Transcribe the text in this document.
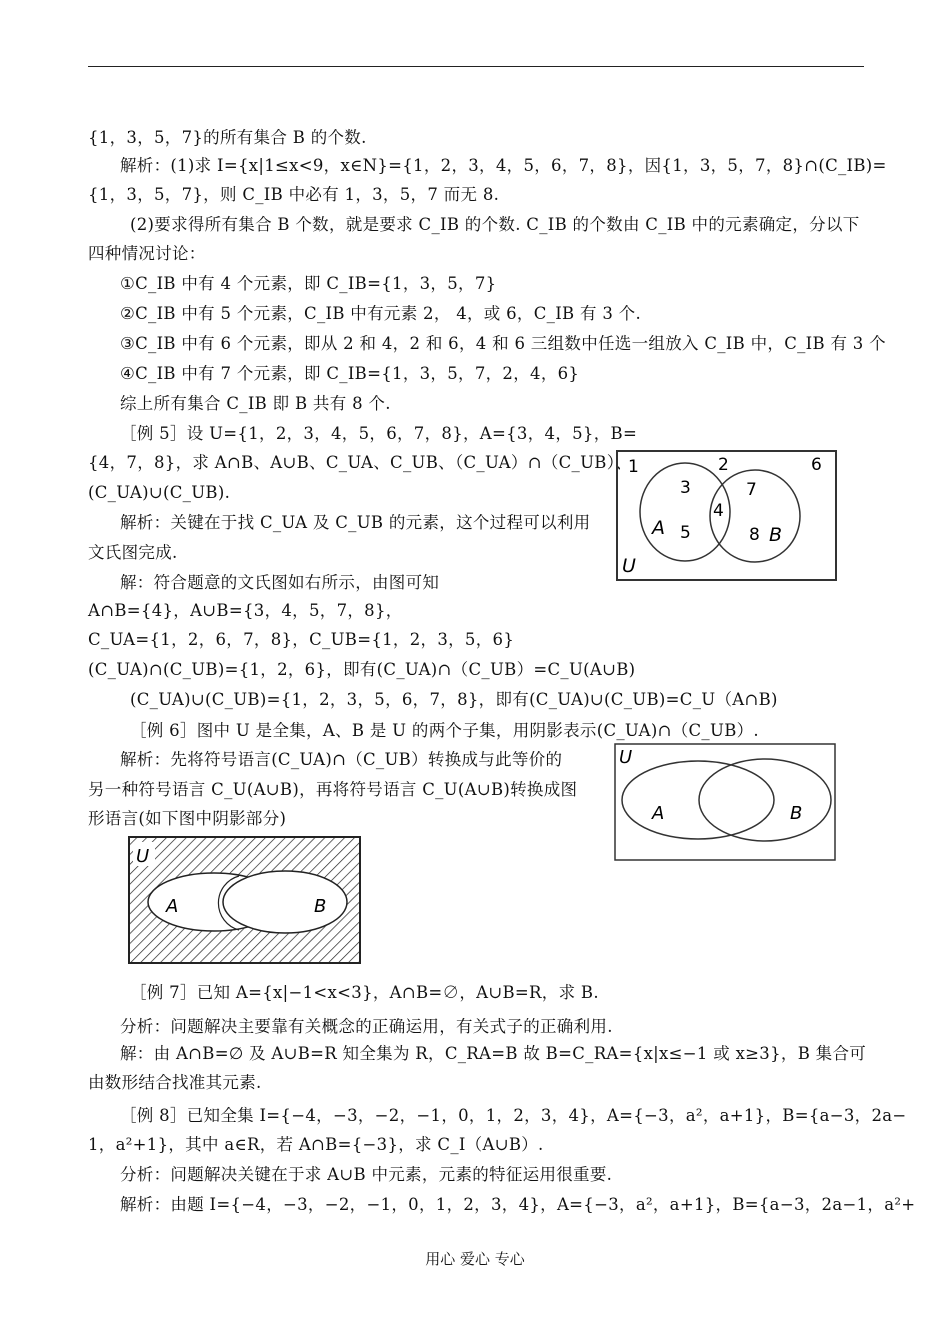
{1，3，5，7}的所有集合 B 的个数.
解析：(1)求 I={x|1≤x<9，x∈N}={1，2，3，4，5，6，7，8}，因{1，3，5，7，8}∩(C_IB)=
{1，3，5，7}，则 C_IB 中必有 1，3，5，7 而无 8.
(2)要求得所有集合 B 个数，就是要求 C_IB 的个数. C_IB 的个数由 C_IB 中的元素确定，分以下
四种情况讨论：
①C_IB 中有 4 个元素，即 C_IB={1，3，5，7}
②C_IB 中有 5 个元素，C_IB 中有元素 2， 4，或 6，C_IB 有 3 个.
③C_IB 中有 6 个元素，即从 2 和 4，2 和 6，4 和 6 三组数中任选一组放入 C_IB 中，C_IB 有 3 个
④C_IB 中有 7 个元素，即 C_IB={1，3，5，7，2，4，6}
综上所有集合 C_IB 即 B 共有 8 个.
［例 5］设 U={1，2，3，4，5，6，7，8}，A={3，4，5}，B=
{4，7，8}，求 A∩B、A∪B、C_UA、C_UB、（C_UA）∩（C_UB）、
(C_UA)∪(C_UB).
解析：关键在于找 C_UA 及 C_UB 的元素，这个过程可以利用
文氏图完成.
解：符合题意的文氏图如右所示，由图可知
A∩B={4}，A∪B={3，4，5，7，8}，
C_UA={1，2，6，7，8}，C_UB={1，2，3，5，6}
(C_UA)∩(C_UB)={1，2，6}，即有(C_UA)∩（C_UB）=C_U(A∪B)
(C_UA)∪(C_UB)={1，2，3，5，6，7，8}，即有(C_UA)∪(C_UB)=C_U（A∩B)
［例 6］图中 U 是全集，A、B 是 U 的两个子集，用阴影表示(C_UA)∩（C_UB）.
解析：先将符号语言(C_UA)∩（C_UB）转换成与此等价的
另一种符号语言 C_U(A∪B)，再将符号语言 C_U(A∪B)转换成图
形语言(如下图中阴影部分)
［例 7］已知 A={x|−1<x<3}，A∩B=∅，A∪B=R，求 B.
分析：问题解决主要靠有关概念的正确运用，有关式子的正确利用.
解：由 A∩B=∅ 及 A∪B=R 知全集为 R，C_RA=B 故 B=C_RA={x|x≤−1 或 x≥3}，B 集合可
由数形结合找准其元素.
［例 8］已知全集 I={−4，−3，−2，−1，0，1，2，3，4}，A={−3，a²，a+1}，B={a−3，2a−
1，a²+1}，其中 a∈R，若 A∩B={−3}，求 C_I（A∪B）.
分析：问题解决关键在于求 A∪B 中元素，元素的特征运用很重要.
解析：由题 I={−4，−3，−2，−1，0，1，2，3，4}，A={−3，a²，a+1}，B={a−3，2a−1，a²+
1	2	6
3
5
4
7
8
A	B
U
U
A	B
U
A	B
用心 爱心 专心
